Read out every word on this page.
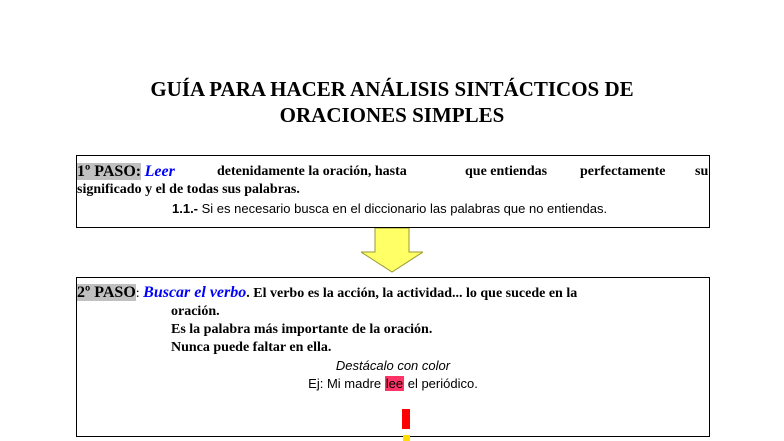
GUÍA PARA HACER ANÁLISIS SINTÁCTICOS DE
ORACIONES SIMPLES
1º PASO: Leer	detenidamente la oración, hasta	que entiendas perfectamente su
significado y el de todas sus palabras.
1.1.- Si es necesario busca en el diccionario las palabras que no entiendas.
2º PASO: Buscar el verbo. El verbo es la acción, la actividad... lo que sucede en la
oración.
Es la palabra más importante de la oración.
Nunca puede faltar en ella.
Destácalo con color
Ej: Mi madre lee el periódico.
